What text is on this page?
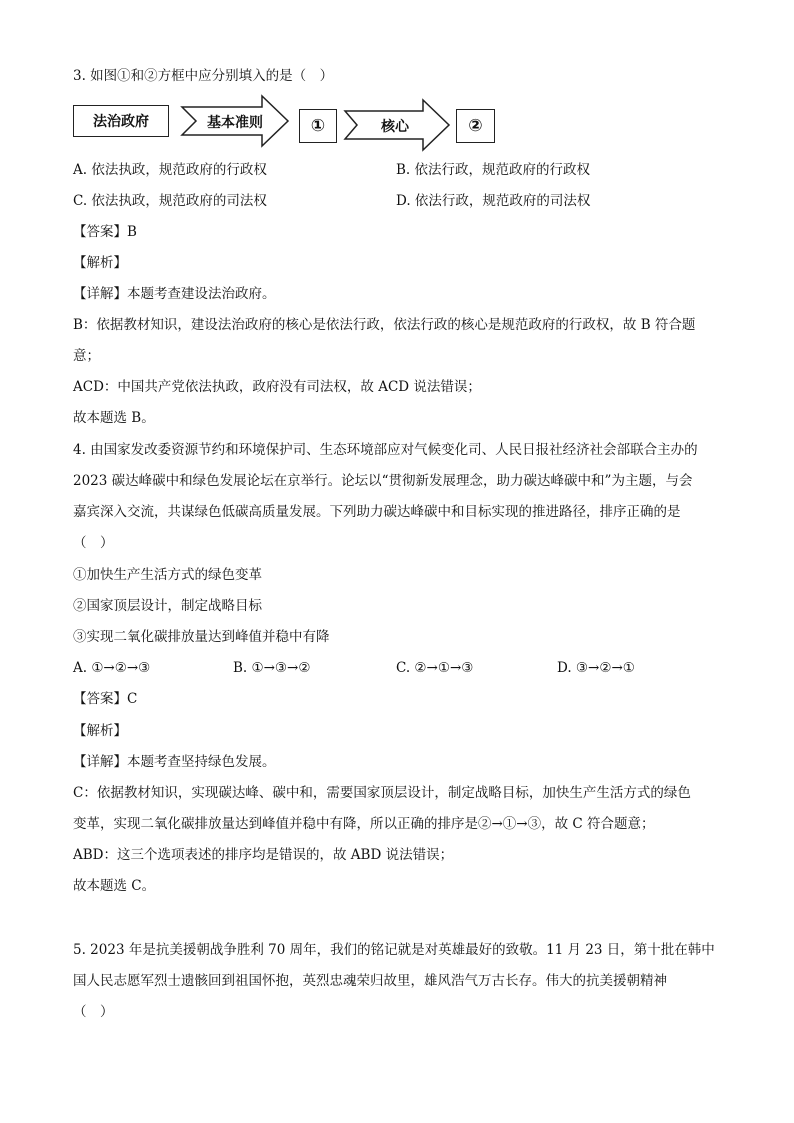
3. 如图①和②方框中应分别填入的是（　）
法治政府	基本准则	①	核心	②
A. 依法执政，规范政府的行政权	B. 依法行政，规范政府的行政权
C. 依法执政，规范政府的司法权	D. 依法行政，规范政府的司法权
【答案】B
【解析】
【详解】本题考查建设法治政府。
B：依据教材知识，建设法治政府的核心是依法行政，依法行政的核心是规范政府的行政权，故 B 符合题
意；
ACD：中国共产党依法执政，政府没有司法权，故 ACD 说法错误；
故本题选 B。
4. 由国家发改委资源节约和环境保护司、生态环境部应对气候变化司、人民日报社经济社会部联合主办的
2023 碳达峰碳中和绿色发展论坛在京举行。论坛以“贯彻新发展理念，助力碳达峰碳中和”为主题，与会
嘉宾深入交流，共谋绿色低碳高质量发展。下列助力碳达峰碳中和目标实现的推进路径，排序正确的是
（　）
①加快生产生活方式的绿色变革
②国家顶层设计，制定战略目标
③实现二氧化碳排放量达到峰值并稳中有降
A. ①→②→③	B. ①→③→②	C. ②→①→③	D. ③→②→①
【答案】C
【解析】
【详解】本题考查坚持绿色发展。
C：依据教材知识，实现碳达峰、碳中和，需要国家顶层设计，制定战略目标，加快生产生活方式的绿色
变革，实现二氧化碳排放量达到峰值并稳中有降，所以正确的排序是②→①→③，故 C 符合题意；
ABD：这三个选项表述的排序均是错误的，故 ABD 说法错误；
故本题选 C。
5. 2023 年是抗美援朝战争胜利 70 周年，我们的铭记就是对英雄最好的致敬。11 月 23 日，第十批在韩中
国人民志愿军烈士遗骸回到祖国怀抱，英烈忠魂荣归故里，雄风浩气万古长存。伟大的抗美援朝精神
（　）
